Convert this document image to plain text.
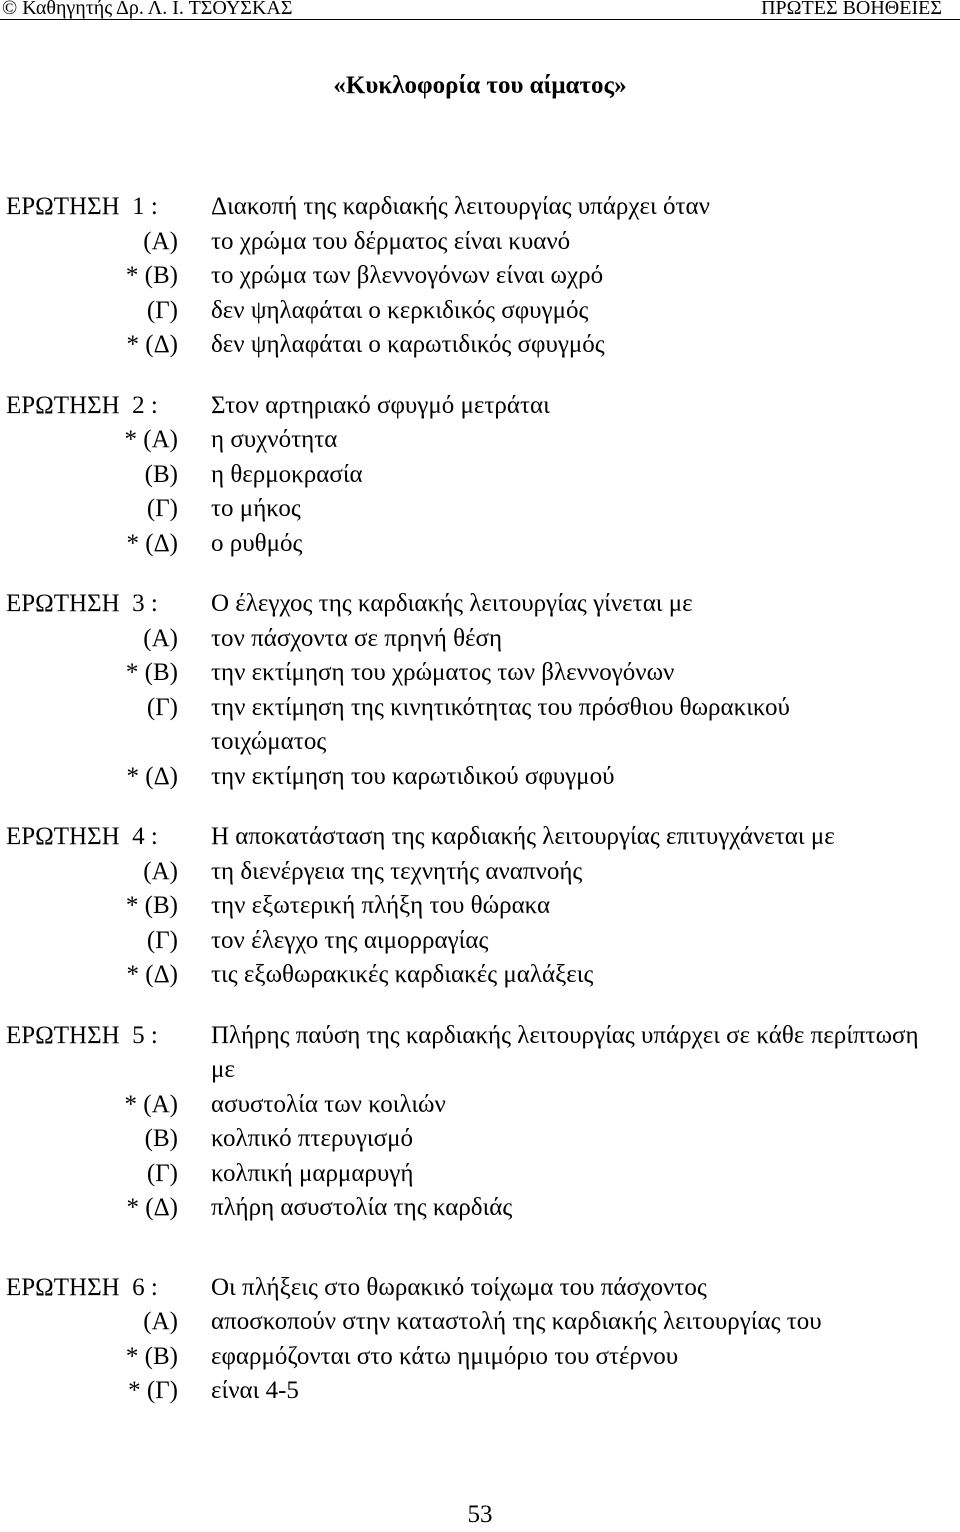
© Καθηγητής Δρ. Λ. Ι. ΤΣΟΥΣΚΑΣ	ΠΡΩΤΕΣ ΒΟΗΘΕΙΕΣ
«Κυκλοφορία του αίματος»
ΕΡΩΤΗΣΗ  1 :	Διακοπή της καρδιακής λειτουργίας υπάρχει όταν
(Α)	το χρώμα του δέρματος είναι κυανό
* (Β)	το χρώμα των βλεννογόνων είναι ωχρό
(Γ)	δεν ψηλαφάται ο κερκιδικός σφυγμός
* (Δ)	δεν ψηλαφάται ο καρωτιδικός σφυγμός
ΕΡΩΤΗΣΗ  2 :	Στον αρτηριακό σφυγμό μετράται
* (Α)	η συχνότητα
(Β)	η θερμοκρασία
(Γ)	το μήκος
* (Δ)	ο ρυθμός
ΕΡΩΤΗΣΗ  3 :	Ο έλεγχος της καρδιακής λειτουργίας γίνεται με
(Α)	τον πάσχοντα σε πρηνή θέση
* (Β)	την εκτίμηση του χρώματος των βλεννογόνων
(Γ)	την εκτίμηση της κινητικότητας του πρόσθιου θωρακικού τοιχώματος
* (Δ)	την εκτίμηση του καρωτιδικού σφυγμού
ΕΡΩΤΗΣΗ  4 :	Η αποκατάσταση της καρδιακής λειτουργίας επιτυγχάνεται με
(Α)	τη διενέργεια της τεχνητής αναπνοής
* (Β)	την εξωτερική πλήξη του θώρακα
(Γ)	τον έλεγχο της αιμορραγίας
* (Δ)	τις εξωθωρακικές καρδιακές μαλάξεις
ΕΡΩΤΗΣΗ  5 :	Πλήρης παύση της καρδιακής λειτουργίας υπάρχει σε κάθε περίπτωση με
* (Α)	ασυστολία των κοιλιών
(Β)	κολπικό πτερυγισμό
(Γ)	κολπική μαρμαρυγή
* (Δ)	πλήρη ασυστολία της καρδιάς
ΕΡΩΤΗΣΗ  6 :	Οι πλήξεις στο θωρακικό τοίχωμα του πάσχοντος
(Α)	αποσκοπούν στην καταστολή της καρδιακής λειτουργίας του
* (Β)	εφαρμόζονται στο κάτω ημιμόριο του στέρνου
* (Γ)	είναι 4-5
53
